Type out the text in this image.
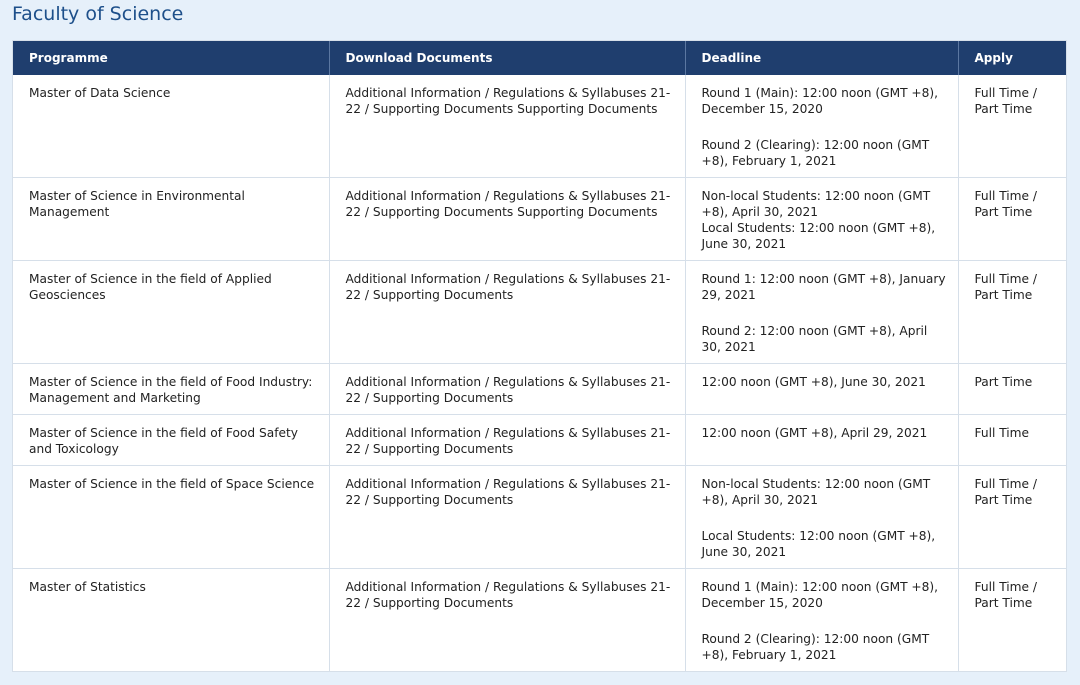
Faculty of Science
Programme	Download Documents	Deadline	Apply
Master of Data Science	Additional Information / Regulations & Syllabuses 21-22 / Supporting Documents Supporting Documents	Round 1 (Main): 12:00 noon (GMT +8), December 15, 2020
Round 2 (Clearing): 12:00 noon (GMT +8), February 1, 2021	Full Time / Part Time
Master of Science in Environmental Management	Additional Information / Regulations & Syllabuses 21-22 / Supporting Documents Supporting Documents	Non-local Students: 12:00 noon (GMT +8), April 30, 2021
Local Students: 12:00 noon (GMT +8), June 30, 2021	Full Time / Part Time
Master of Science in the field of Applied Geosciences	Additional Information / Regulations & Syllabuses 21-22 / Supporting Documents	Round 1: 12:00 noon (GMT +8), January 29, 2021
Round 2: 12:00 noon (GMT +8), April 30, 2021	Full Time / Part Time
Master of Science in the field of Food Industry: Management and Marketing	Additional Information / Regulations & Syllabuses 21-22 / Supporting Documents	12:00 noon (GMT +8), June 30, 2021	Part Time
Master of Science in the field of Food Safety and Toxicology	Additional Information / Regulations & Syllabuses 21-22 / Supporting Documents	12:00 noon (GMT +8), April 29, 2021	Full Time
Master of Science in the field of Space Science	Additional Information / Regulations & Syllabuses 21-22 / Supporting Documents	Non-local Students: 12:00 noon (GMT +8), April 30, 2021
Local Students: 12:00 noon (GMT +8), June 30, 2021	Full Time / Part Time
Master of Statistics	Additional Information / Regulations & Syllabuses 21-22 / Supporting Documents	Round 1 (Main): 12:00 noon (GMT +8), December 15, 2020
Round 2 (Clearing): 12:00 noon (GMT +8), February 1, 2021	Full Time / Part Time
